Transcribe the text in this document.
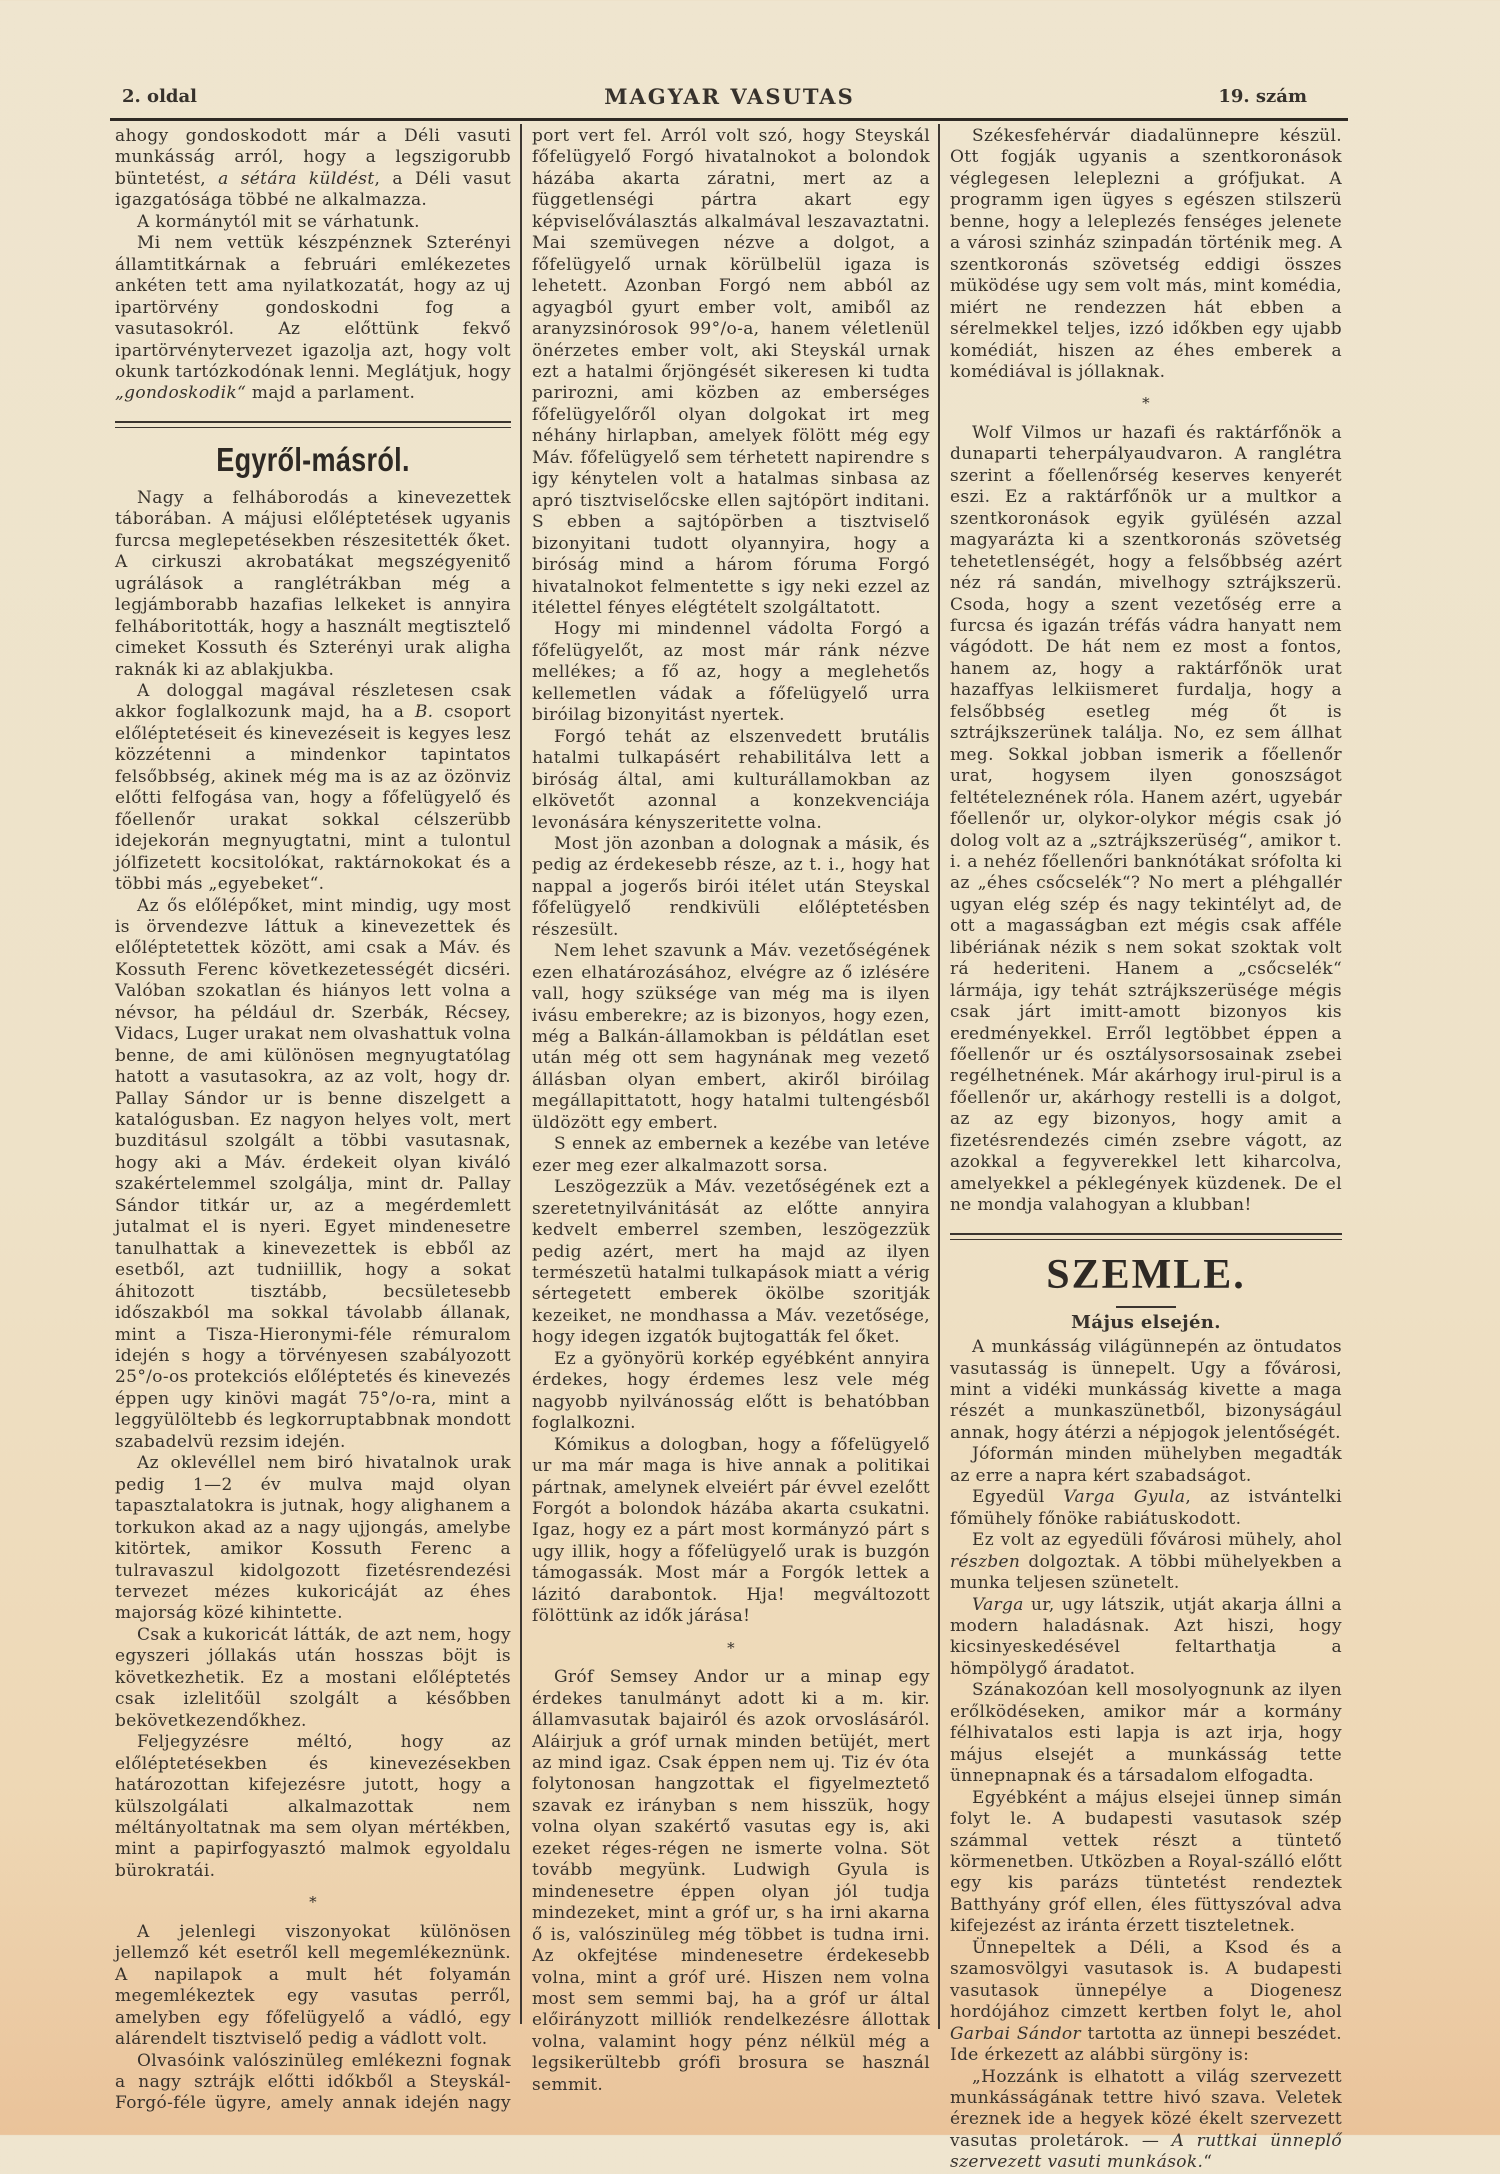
2. oldal	MAGYAR VASUTAS	19. szám

ahogy gondoskodott már a Déli vasuti munkásság arról, hogy a legszigorubb büntetést, a sétára küldést, a Déli vasut igazgatósága többé ne alkalmazza.

A kormánytól mit se várhatunk.

Mi nem vettük készpénznek Szterényi államtitkárnak a februári emlékezetes ankéten tett ama nyilatkozatát, hogy az uj ipartörvény gondoskodni fog a vasutasokról. Az előttünk fekvő ipartörvénytervezet igazolja azt, hogy volt okunk tartózkodónak lenni. Meglátjuk, hogy „gondoskodik“ majd a parlament.

Egyről-másról.

Nagy a felháborodás a kinevezettek táborában. A májusi előléptetések ugyanis furcsa meglepetésekben részesitették őket. A cirkuszi akrobatákat megszégyenitő ugrálások a ranglétrákban még a legjámborabb hazafias lelkeket is annyira felháboritották, hogy a használt megtisztelő cimeket Kossuth és Szterényi urak aligha raknák ki az ablakjukba.

A dologgal magával részletesen csak akkor foglalkozunk majd, ha a B. csoport előléptetéseit és kinevezéseit is kegyes lesz közzétenni a mindenkor tapintatos felsőbbség, akinek még ma is az az özönviz előtti felfogása van, hogy a főfelügyelő és főellenőr urakat sokkal célszerübb idejekorán megnyugtatni, mint a tulontul jólfizetett kocsitolókat, raktárnokokat és a többi más „egyebeket“.

Az ős előlépőket, mint mindig, ugy most is örvendezve láttuk a kinevezettek és előléptetettek között, ami csak a Máv. és Kossuth Ferenc következetességét dicséri. Valóban szokatlan és hiányos lett volna a névsor, ha például dr. Szerbák, Récsey, Vidacs, Luger urakat nem olvashattuk volna benne, de ami különösen megnyugtatólag hatott a vasutasokra, az az volt, hogy dr. Pallay Sándor ur is benne diszelgett a katalógusban. Ez nagyon helyes volt, mert buzditásul szolgált a többi vasutasnak, hogy aki a Máv. érdekeit olyan kiváló szakértelemmel szolgálja, mint dr. Pallay Sándor titkár ur, az a megérdemlett jutalmat el is nyeri. Egyet mindenesetre tanulhattak a kinevezettek is ebből az esetből, azt tudniillik, hogy a sokat áhitozott tisztább, becsületesebb időszakból ma sokkal távolabb állanak, mint a Tisza-Hieronymi-féle rémuralom idején s hogy a törvényesen szabályozott 25°/o-os protekciós előléptetés és kinevezés éppen ugy kinövi magát 75°/o-ra, mint a leggyülöltebb és legkorruptabbnak mondott szabadelvü rezsim idején.

Az oklevéllel nem biró hivatalnok urak pedig 1—2 év mulva majd olyan tapasztalatokra is jutnak, hogy alighanem a torkukon akad az a nagy ujjongás, amelybe kitörtek, amikor Kossuth Ferenc a tulravaszul kidolgozott fizetésrendezési tervezet mézes kukoricáját az éhes majorság közé kihintette.

Csak a kukoricát látták, de azt nem, hogy egyszeri jóllakás után hosszas böjt is következhetik. Ez a mostani előléptetés csak izlelitőül szolgált a későbben bekövetkezendőkhez.

Feljegyzésre méltó, hogy az előléptetésekben és kinevezésekben határozottan kifejezésre jutott, hogy a külszolgálati alkalmazottak nem méltányoltatnak ma sem olyan mértékben, mint a papirfogyasztó malmok egyoldalu bürokratái.

*

A jelenlegi viszonyokat különösen jellemző két esetről kell megemlékeznünk. A napilapok a mult hét folyamán megemlékeztek egy vasutas perről, amelyben egy főfelügyelő a vádló, egy alárendelt tisztviselő pedig a vádlott volt.

Olvasóink valószinüleg emlékezni fognak a nagy sztrájk előtti időkből a Steyskál-Forgó-féle ügyre, amely annak idején nagy

port vert fel. Arról volt szó, hogy Steyskál főfelügyelő Forgó hivatalnokot a bolondok házába akarta záratni, mert az a függetlenségi pártra akart egy képviselőválasztás alkalmával leszavaztatni. Mai szemüvegen nézve a dolgot, a főfelügyelő urnak körülbelül igaza is lehetett. Azonban Forgó nem abból az agyagból gyurt ember volt, amiből az aranyzsinórosok 99°/o-a, hanem véletlenül önérzetes ember volt, aki Steyskál urnak ezt a hatalmi őrjöngését sikeresen ki tudta parirozni, ami közben az emberséges főfelügyelőről olyan dolgokat irt meg néhány hirlapban, amelyek fölött még egy Máv. főfelügyelő sem térhetett napirendre s igy kénytelen volt a hatalmas sinbasa az apró tisztviselőcske ellen sajtópört inditani. S ebben a sajtópörben a tisztviselő bizonyitani tudott olyannyira, hogy a biróság mind a három fóruma Forgó hivatalnokot felmentette s igy neki ezzel az itélettel fényes elégtételt szolgáltatott.

Hogy mi mindennel vádolta Forgó a főfelügyelőt, az most már ránk nézve mellékes; a fő az, hogy a meglehetős kellemetlen vádak a főfelügyelő urra biróilag bizonyitást nyertek.

Forgó tehát az elszenvedett brutális hatalmi tulkapásért rehabilitálva lett a biróság által, ami kulturállamokban az elkövetőt azonnal a konzekvenciája levonására kényszeritette volna.

Most jön azonban a dolognak a másik, és pedig az érdekesebb része, az t. i., hogy hat nappal a jogerős birói itélet után Steyskal főfelügyelő rendkivüli előléptetésben részesült.

Nem lehet szavunk a Máv. vezetőségének ezen elhatározásához, elvégre az ő izlésére vall, hogy szüksége van még ma is ilyen ivásu emberekre; az is bizonyos, hogy ezen, még a Balkán-államokban is példátlan eset után még ott sem hagynának meg vezető állásban olyan embert, akiről biróilag megállapittatott, hogy hatalmi tultengésből üldözött egy embert.

S ennek az embernek a kezébe van letéve ezer meg ezer alkalmazott sorsa.

Leszögezzük a Máv. vezetőségének ezt a szeretetnyilvánitását az előtte annyira kedvelt emberrel szemben, leszögezzük pedig azért, mert ha majd az ilyen természetü hatalmi tulkapások miatt a vérig sértegetett emberek ökölbe szoritják kezeiket, ne mondhassa a Máv. vezetősége, hogy idegen izgatók bujtogatták fel őket.

Ez a gyönyörü korkép egyébként annyira érdekes, hogy érdemes lesz vele még nagyobb nyilvánosság előtt is behatóbban foglalkozni.

Kómikus a dologban, hogy a főfelügyelő ur ma már maga is hive annak a politikai pártnak, amelynek elveiért pár évvel ezelőtt Forgót a bolondok házába akarta csukatni. Igaz, hogy ez a párt most kormányzó párt s ugy illik, hogy a főfelügyelő urak is buzgón támogassák. Most már a Forgók lettek a lázitó darabontok. Hja! megváltozott fölöttünk az idők járása!

*

Gróf Semsey Andor ur a minap egy érdekes tanulmányt adott ki a m. kir. államvasutak bajairól és azok orvoslásáról. Aláirjuk a gróf urnak minden betüjét, mert az mind igaz. Csak éppen nem uj. Tiz év óta folytonosan hangzottak el figyelmeztető szavak ez irányban s nem hisszük, hogy volna olyan szakértő vasutas egy is, aki ezeket réges-régen ne ismerte volna. Söt tovább megyünk. Ludwigh Gyula is mindenesetre éppen olyan jól tudja mindezeket, mint a gróf ur, s ha irni akarna ő is, valószinüleg még többet is tudna irni. Az okfejtése mindenesetre érdekesebb volna, mint a gróf uré. Hiszen nem volna most sem semmi baj, ha a gróf ur által előirányzott milliók rendelkezésre állottak volna, valamint hogy pénz nélkül még a legsikerültebb grófi brosura se használ semmit.

Székesfehérvár diadalünnepre készül. Ott fogják ugyanis a szentkoronások véglegesen leleplezni a grófjukat. A programm igen ügyes s egészen stilszerü benne, hogy a leleplezés fenséges jelenete a városi szinház szinpadán történik meg. A szentkoronás szövetség eddigi összes müködése ugy sem volt más, mint komédia, miért ne rendezzen hát ebben a sérelmekkel teljes, izzó időkben egy ujabb komédiát, hiszen az éhes emberek a komédiával is jóllaknak.

*

Wolf Vilmos ur hazafi és raktárfőnök a dunaparti teherpályaudvaron. A ranglétra szerint a főellenőrség keserves kenyerét eszi. Ez a raktárfőnök ur a multkor a szentkoronások egyik gyülésén azzal magyarázta ki a szentkoronás szövetség tehetetlenségét, hogy a felsőbbség azért néz rá sandán, mivelhogy sztrájkszerü. Csoda, hogy a szent vezetőség erre a furcsa és igazán tréfás vádra hanyatt nem vágódott. De hát nem ez most a fontos, hanem az, hogy a raktárfőnök urat hazaffyas lelkiismeret furdalja, hogy a felsőbbség esetleg még őt is sztrájkszerünek találja. No, ez sem állhat meg. Sokkal jobban ismerik a főellenőr urat, hogysem ilyen gonoszságot feltételeznének róla. Hanem azért, ugyebár főellenőr ur, olykor-olykor mégis csak jó dolog volt az a „sztrájkszerüség“, amikor t. i. a nehéz főellenőri banknótákat srófolta ki az „éhes csőcselék“? No mert a pléhgallér ugyan elég szép és nagy tekintélyt ad, de ott a magasságban ezt mégis csak afféle libériának nézik s nem sokat szoktak volt rá hederiteni. Hanem a „csőcselék“ lármája, igy tehát sztrájkszerüsége mégis csak járt imitt-amott bizonyos kis eredményekkel. Erről legtöbbet éppen a főellenőr ur és osztálysorsosainak zsebei regélhetnének. Már akárhogy irul-pirul is a főellenőr ur, akárhogy restelli is a dolgot, az az egy bizonyos, hogy amit a fizetésrendezés cimén zsebre vágott, az azokkal a fegyverekkel lett kiharcolva, amelyekkel a péklegények küzdenek. De el ne mondja valahogyan a klubban!

SZEMLE.
Május elsején.

A munkásság világünnepén az öntudatos vasutasság is ünnepelt. Ugy a fővárosi, mint a vidéki munkásság kivette a maga részét a munkaszünetből, bizonyságául annak, hogy átérzi a népjogok jelentőségét.

Jóformán minden mühelyben megadták az erre a napra kért szabadságot.

Egyedül Varga Gyula, az istvántelki főmühely főnöke rabiátuskodott.

Ez volt az egyedüli fővárosi mühely, ahol részben dolgoztak. A többi mühelyekben a munka teljesen szünetelt.

Varga ur, ugy látszik, utját akarja állni a modern haladásnak. Azt hiszi, hogy kicsinyeskedésével feltarthatja a hömpölygő áradatot.

Szánakozóan kell mosolyognunk az ilyen erőlködéseken, amikor már a kormány félhivatalos esti lapja is azt irja, hogy május elsejét a munkásság tette ünnepnapnak és a társadalom elfogadta.

Egyébként a május elsejei ünnep simán folyt le. A budapesti vasutasok szép számmal vettek részt a tüntető körmenetben. Utközben a Royal-szálló előtt egy kis parázs tüntetést rendeztek Batthyány gróf ellen, éles füttyszóval adva kifejezést az iránta érzett tiszteletnek.

Ünnepeltek a Déli, a Ksod és a szamosvölgyi vasutasok is. A budapesti vasutasok ünnepélye a Diogenesz hordójához cimzett kertben folyt le, ahol Garbai Sándor tartotta az ünnepi beszédet. Ide érkezett az alábbi sürgöny is:

„Hozzánk is elhatott a világ szervezett munkásságának tettre hivó szava. Veletek éreznek ide a hegyek közé ékelt szervezett vasutas proletárok. — A ruttkai ünneplő szervezett vasuti munkások.“
